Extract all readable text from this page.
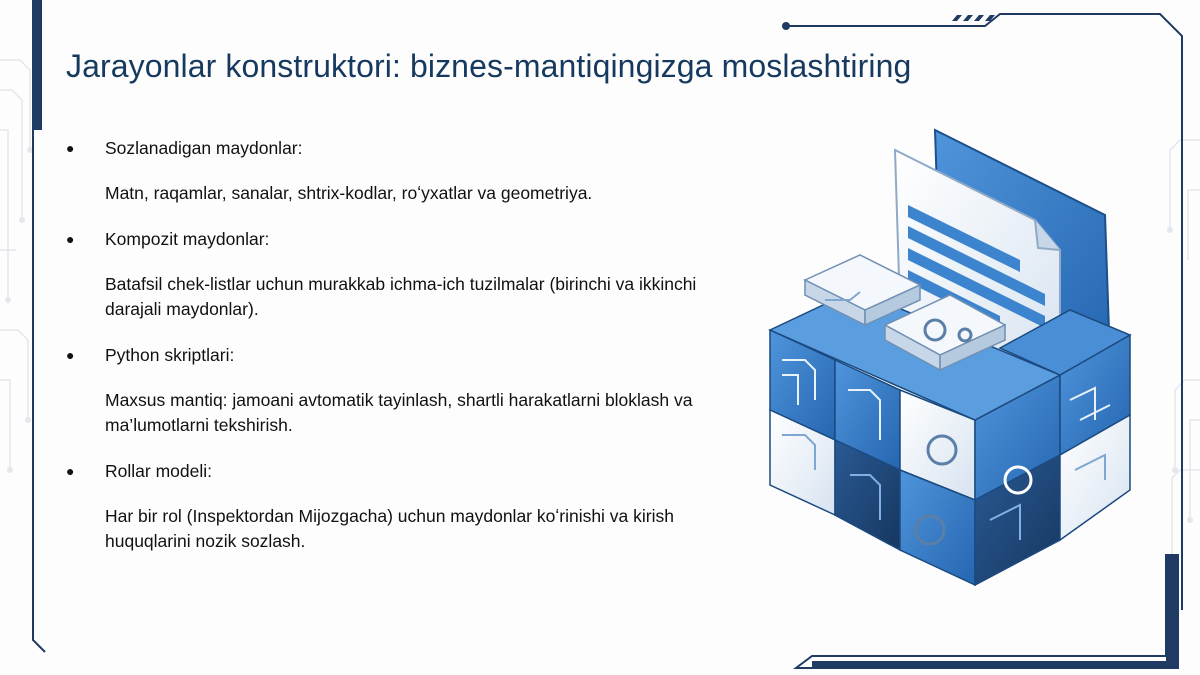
Jarayonlar konstruktori: biznes-mantiqingizga moslashtiring
●	Sozlanadigan maydonlar:

Matn, raqamlar, sanalar, shtrix-kodlar, roʻyxatlar va geometriya.

●	Kompozit maydonlar:

Batafsil chek-listlar uchun murakkab ichma-ich tuzilmalar (birinchi va ikkinchi darajali maydonlar).

●	Python skriptlari:

Maxsus mantiq: jamoani avtomatik tayinlash, shartli harakatlarni bloklash va ma’lumotlarni tekshirish.

●	Rollar modeli:

Har bir rol (Inspektordan Mijozgacha) uchun maydonlar koʻrinishi va kirish huquqlarini nozik sozlash.
